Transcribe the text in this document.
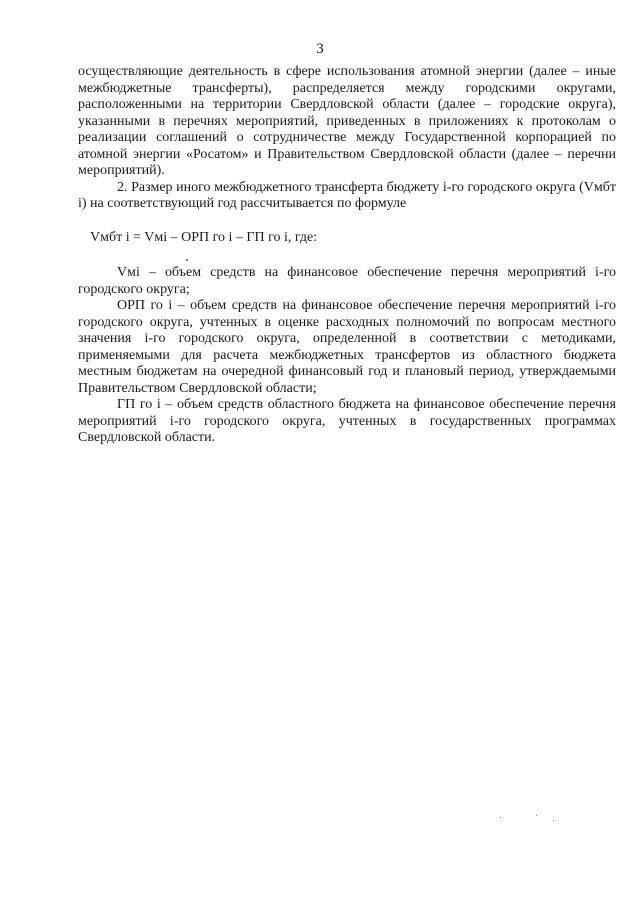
3

осуществляющие деятельность в сфере использования атомной энергии (далее – иные межбюджетные трансферты), распределяется между городскими округами, расположенными на территории Свердловской области (далее – городские округа), указанными в перечнях мероприятий, приведенных в приложениях к протоколам о реализации соглашений о сотрудничестве между Государственной корпорацией по атомной энергии «Росатом» и Правительством Свердловской области (далее – перечни мероприятий).

2. Размер иного межбюджетного трансферта бюджету i-го городского округа (Vмбт i) на соответствующий год рассчитывается по формуле

Vмбт i = Vмi – ОРП го i – ГП го i, где:

Vмi – объем средств на финансовое обеспечение перечня мероприятий i-го городского округа;

ОРП го i – объем средств на финансовое обеспечение перечня мероприятий i-го городского округа, учтенных в оценке расходных полномочий по вопросам местного значения i-го городского округа, определенной в соответствии с методиками, применяемыми для расчета межбюджетных трансфертов из областного бюджета местным бюджетам на очередной финансовый год и плановый период, утверждаемыми Правительством Свердловской области;

ГП го i – объем средств областного бюджета на финансовое обеспечение перечня мероприятий i-го городского округа, учтенных в государственных программах Свердловской области.
